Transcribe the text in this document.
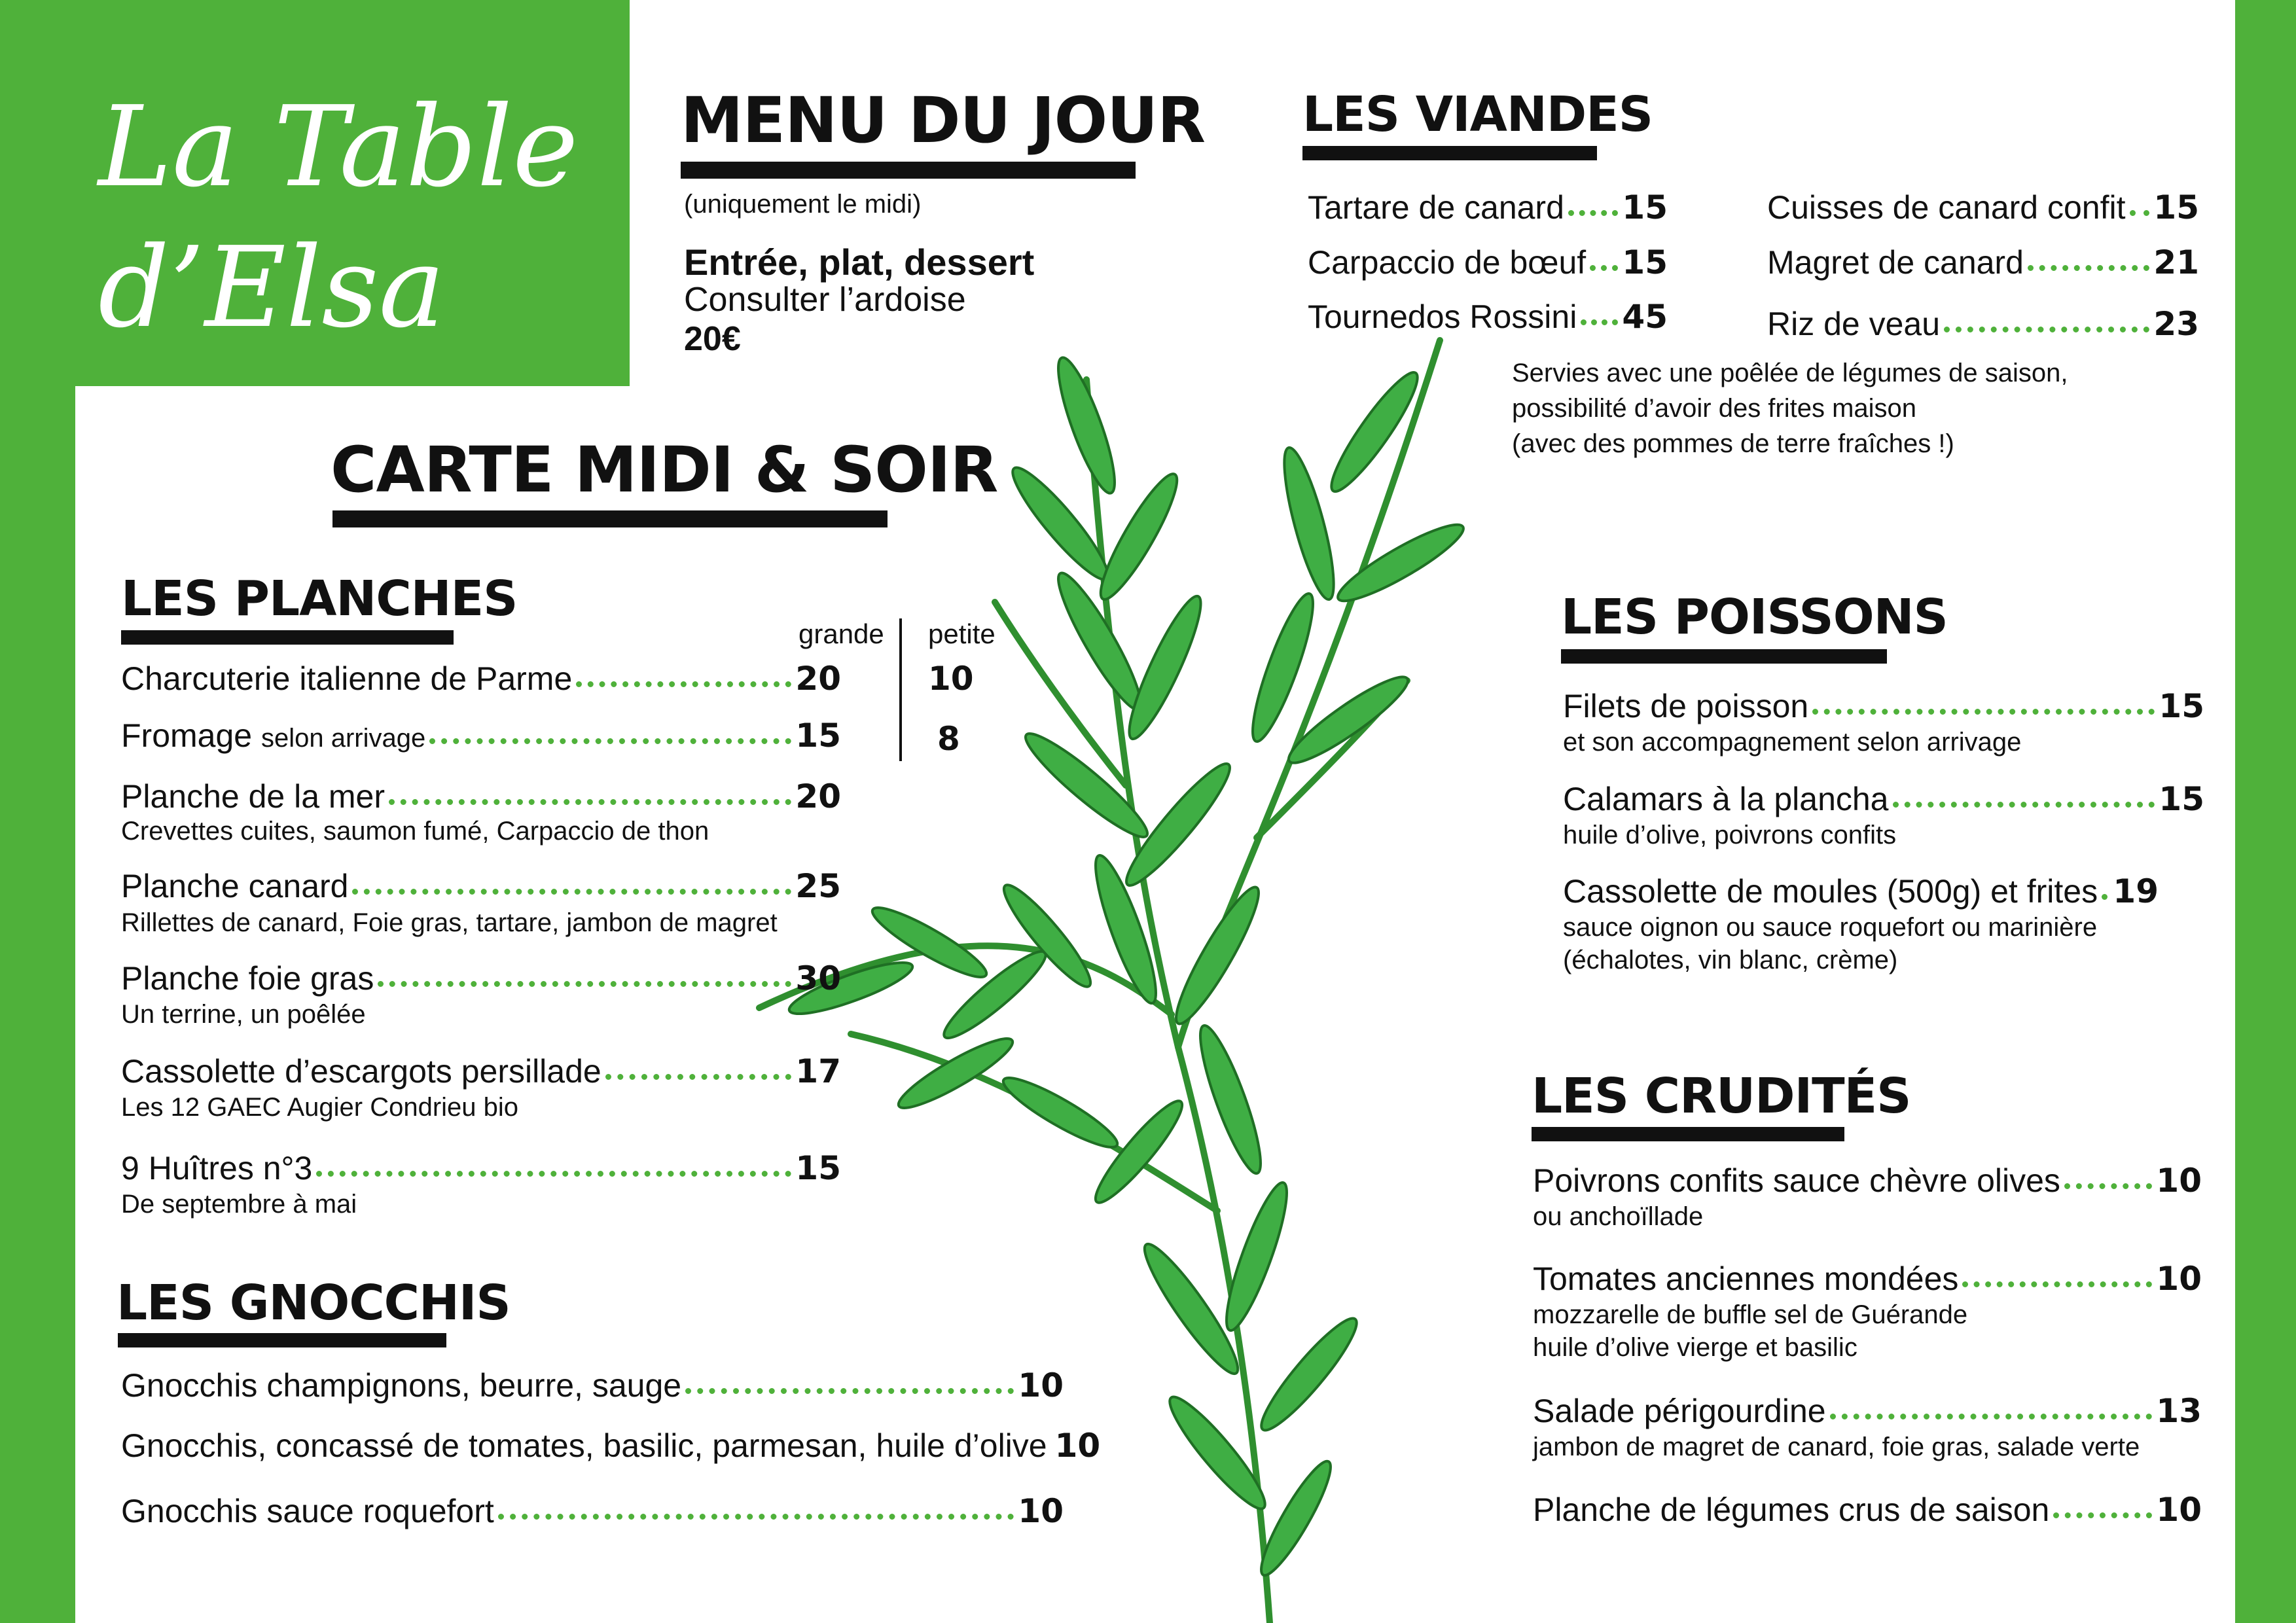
La Table
d’Elsa
MENU DU JOUR
(uniquement le midi)
Entrée, plat, dessert
Consulter l’ardoise
20€
CARTE MIDI & SOIR
LES PLANCHES
grande petite
Charcuterie italienne de Parme	20	10
Fromage selon arrivage	15	8
Planche de la mer	20
Crevettes cuites, saumon fumé, Carpaccio de thon
Planche canard	25
Rillettes de canard, Foie gras, tartare, jambon de magret
Planche foie gras	30
Un terrine, un poêlée
Cassolette d’escargots persillade	17
Les 12 GAEC Augier Condrieu bio
9 Huîtres n°3	15
De septembre à mai
LES GNOCCHIS
Gnocchis champignons, beurre, sauge	10
Gnocchis, concassé de tomates, basilic, parmesan, huile d’olive 10
Gnocchis sauce roquefort	10
LES VIANDES
Tartare de canard 15
Carpaccio de bœuf 15
Tournedos Rossini 45
Cuisses de canard confit 15
Magret de canard	21
Riz de veau	23
Servies avec une poêlée de légumes de saison,
possibilité d’avoir des frites maison
(avec des pommes de terre fraîches !)
LES POISSONS
Filets de poisson	15
et son accompagnement selon arrivage
Calamars à la plancha	15
huile d’olive, poivrons confits
Cassolette de moules (500g) et frites 19
sauce oignon ou sauce roquefort ou marinière
(échalotes, vin blanc, crème)
LES CRUDITÉS
Poivrons confits sauce chèvre olives	10
ou anchoïllade
Tomates anciennes mondées	10
mozzarelle de buffle sel de Guérande
huile d’olive vierge et basilic
Salade périgourdine	13
jambon de magret de canard, foie gras, salade verte
Planche de légumes crus de saison	10
